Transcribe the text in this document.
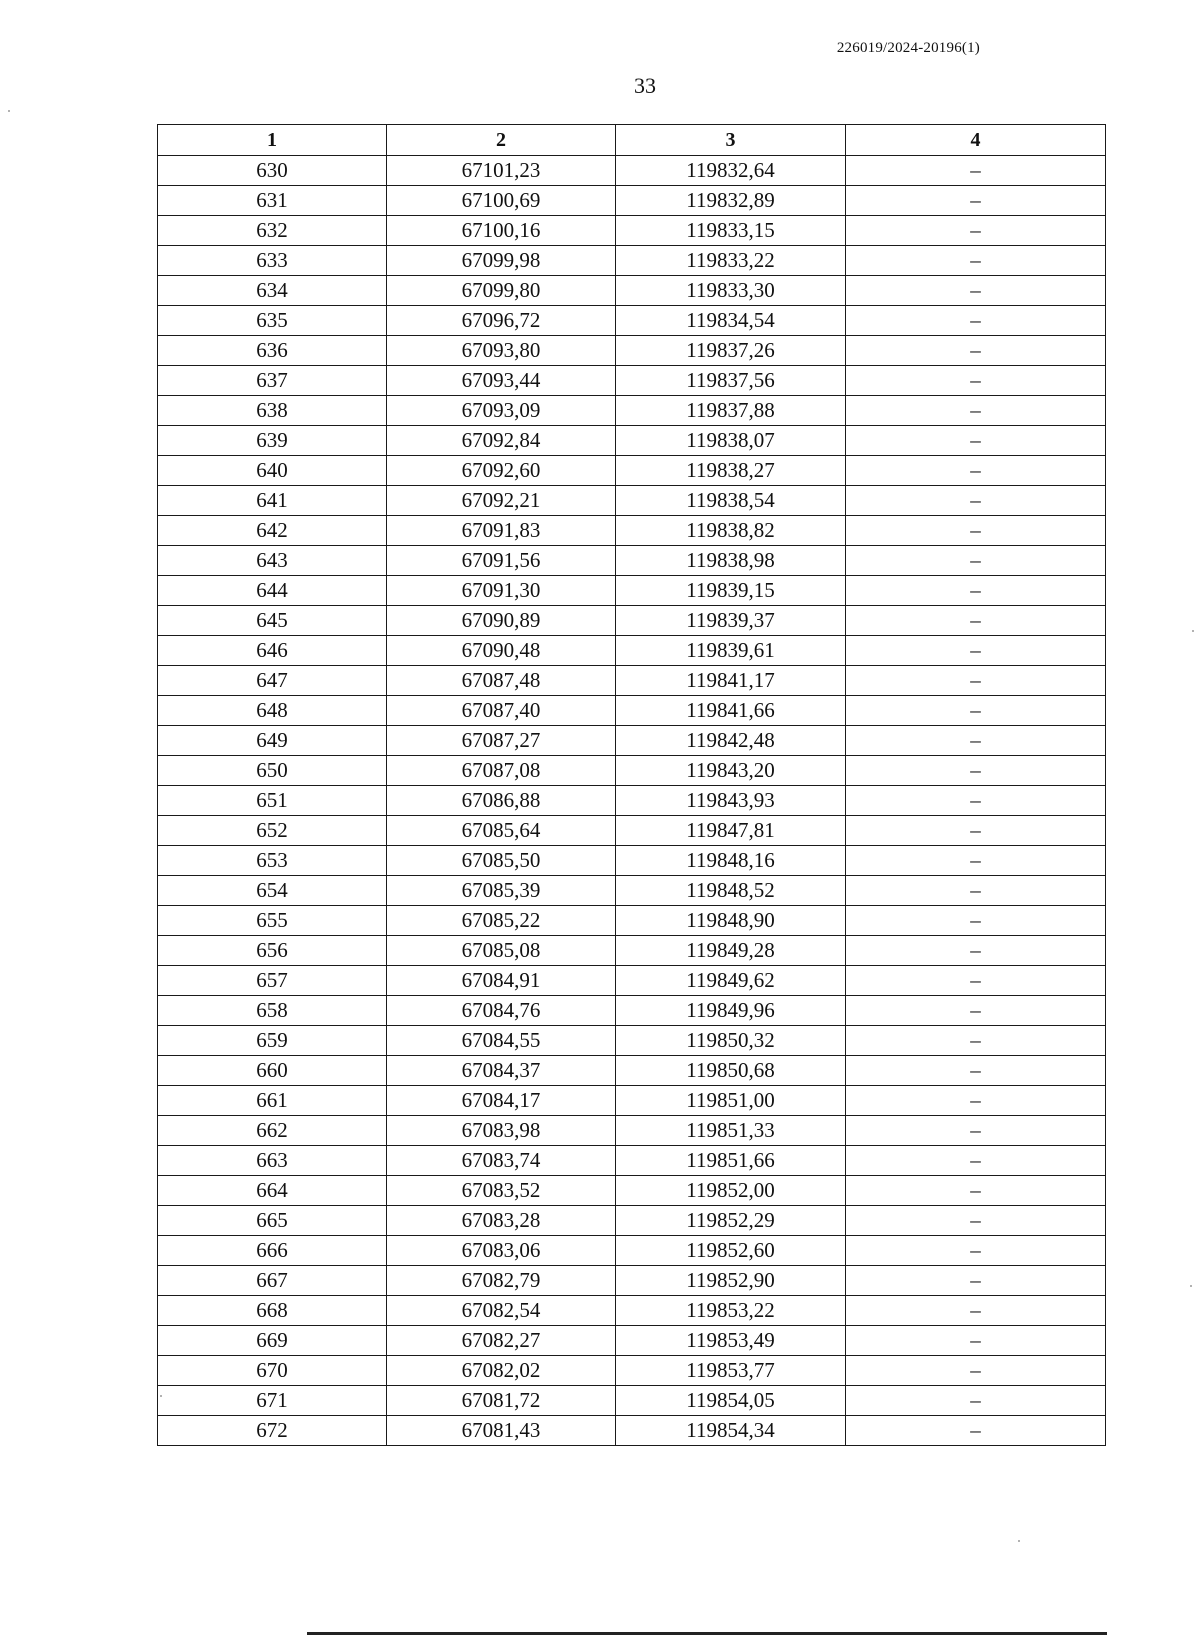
226019/2024-20196(1)
33
1	2	3	4
630	67101,23	119832,64	–
631	67100,69	119832,89	–
632	67100,16	119833,15	–
633	67099,98	119833,22	–
634	67099,80	119833,30	–
635	67096,72	119834,54	–
636	67093,80	119837,26	–
637	67093,44	119837,56	–
638	67093,09	119837,88	–
639	67092,84	119838,07	–
640	67092,60	119838,27	–
641	67092,21	119838,54	–
642	67091,83	119838,82	–
643	67091,56	119838,98	–
644	67091,30	119839,15	–
645	67090,89	119839,37	–
646	67090,48	119839,61	–
647	67087,48	119841,17	–
648	67087,40	119841,66	–
649	67087,27	119842,48	–
650	67087,08	119843,20	–
651	67086,88	119843,93	–
652	67085,64	119847,81	–
653	67085,50	119848,16	–
654	67085,39	119848,52	–
655	67085,22	119848,90	–
656	67085,08	119849,28	–
657	67084,91	119849,62	–
658	67084,76	119849,96	–
659	67084,55	119850,32	–
660	67084,37	119850,68	–
661	67084,17	119851,00	–
662	67083,98	119851,33	–
663	67083,74	119851,66	–
664	67083,52	119852,00	–
665	67083,28	119852,29	–
666	67083,06	119852,60	–
667	67082,79	119852,90	–
668	67082,54	119853,22	–
669	67082,27	119853,49	–
670	67082,02	119853,77	–
671	67081,72	119854,05	–
672	67081,43	119854,34	–
